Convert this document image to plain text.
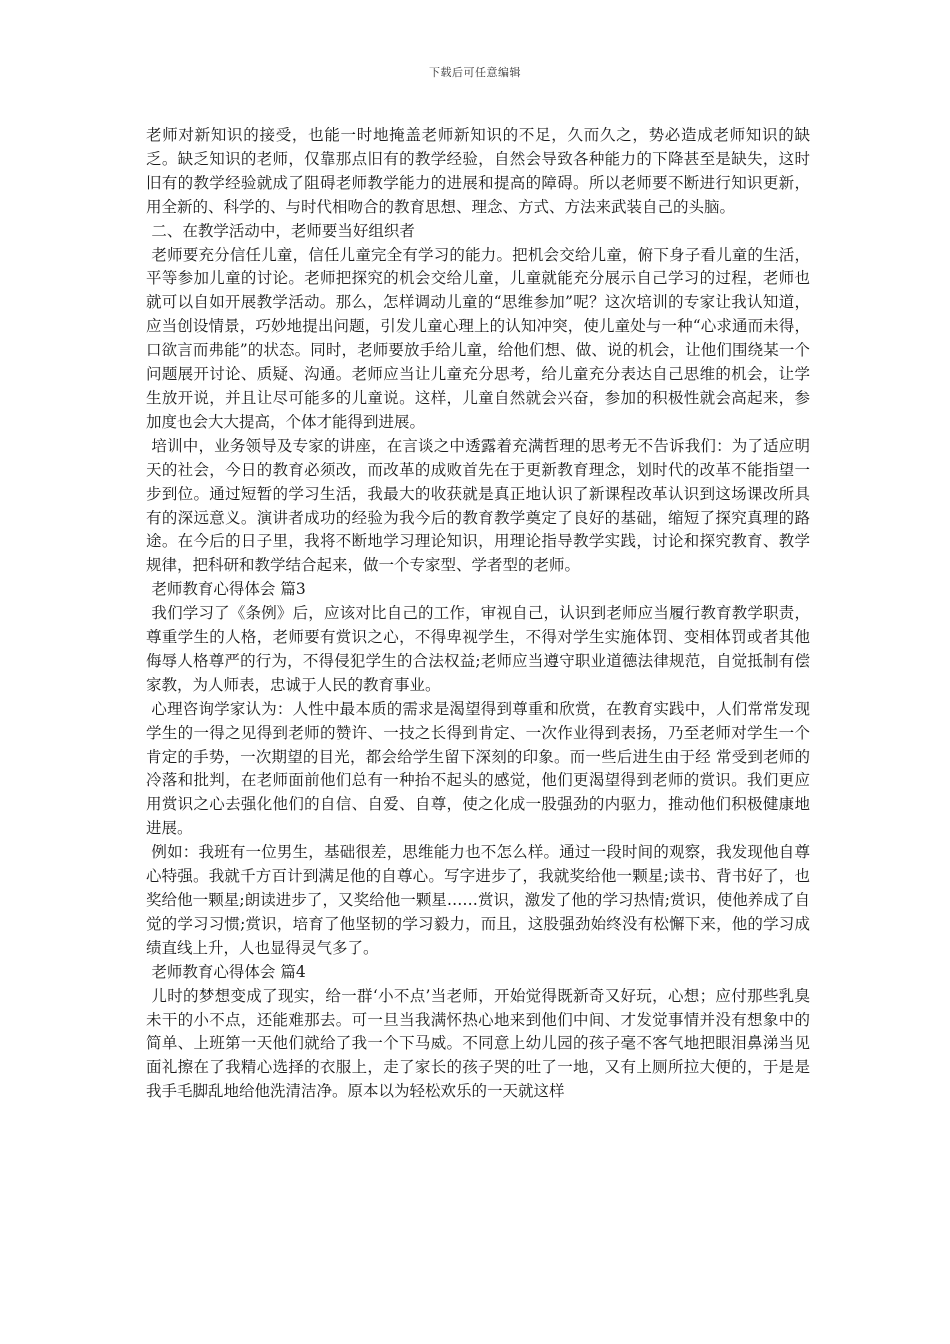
下载后可任意编辑

老师对新知识的接受，也能一时地掩盖老师新知识的不足，久而久之，势必造成老师知识的缺乏。缺乏知识的老师，仅靠那点旧有的教学经验，自然会导致各种能力的下降甚至是缺失，这时旧有的教学经验就成了阻碍老师教学能力的进展和提高的障碍。所以老师要不断进行知识更新，用全新的、科学的、与时代相吻合的教育思想、理念、方式、方法来武装自己的头脑。

二、在教学活动中，老师要当好组织者

老师要充分信任儿童，信任儿童完全有学习的能力。把机会交给儿童，俯下身子看儿童的生活，平等参加儿童的讨论。老师把探究的机会交给儿童，儿童就能充分展示自己学习的过程，老师也就可以自如开展教学活动。那么，怎样调动儿童的“思维参加”呢？这次培训的专家让我认知道，应当创设情景，巧妙地提出问题，引发儿童心理上的认知冲突，使儿童处与一种“心求通而未得，口欲言而弗能”的状态。同时，老师要放手给儿童，给他们想、做、说的机会，让他们围绕某一个问题展开讨论、质疑、沟通。老师应当让儿童充分思考，给儿童充分表达自己思维的机会，让学生放开说，并且让尽可能多的儿童说。这样，儿童自然就会兴奋，参加的积极性就会高起来，参加度也会大大提高，个体才能得到进展。

培训中，业务领导及专家的讲座，在言谈之中透露着充满哲理的思考无不告诉我们：为了适应明天的社会，今日的教育必须改，而改革的成败首先在于更新教育理念，划时代的改革不能指望一步到位。通过短暂的学习生活，我最大的收获就是真正地认识了新课程改革认识到这场课改所具有的深远意义。演讲者成功的经验为我今后的教育教学奠定了良好的基础，缩短了探究真理的路途。在今后的日子里，我将不断地学习理论知识，用理论指导教学实践，讨论和探究教育、教学规律，把科研和教学结合起来，做一个专家型、学者型的老师。

老师教育心得体会 篇3

我们学习了《条例》后，应该对比自己的工作，审视自己，认识到老师应当履行教育教学职责，尊重学生的人格，老师要有赏识之心，不得卑视学生，不得对学生实施体罚、变相体罚或者其他侮辱人格尊严的行为，不得侵犯学生的合法权益;老师应当遵守职业道德法律规范，自觉抵制有偿家教，为人师表，忠诚于人民的教育事业。

心理咨询学家认为：人性中最本质的需求是渴望得到尊重和欣赏，在教育实践中，人们常常发现学生的一得之见得到老师的赞许、一技之长得到肯定、一次作业得到表扬，乃至老师对学生一个肯定的手势，一次期望的目光，都会给学生留下深刻的印象。而一些后进生由于经 常受到老师的冷落和批判，在老师面前他们总有一种抬不起头的感觉，他们更渴望得到老师的赏识。我们更应用赏识之心去强化他们的自信、自爱、自尊，使之化成一股强劲的内驱力，推动他们积极健康地进展。

例如：我班有一位男生，基础很差，思维能力也不怎么样。通过一段时间的观察，我发现他自尊心特强。我就千方百计到满足他的自尊心。写字进步了，我就奖给他一颗星;读书、背书好了，也奖给他一颗星;朗读进步了，又奖给他一颗星……赏识，激发了他的学习热情;赏识，使他养成了自觉的学习习惯;赏识，培育了他坚韧的学习毅力，而且，这股强劲始终没有松懈下来，他的学习成绩直线上升，人也显得灵气多了。

老师教育心得体会 篇4

儿时的梦想变成了现实，给一群‘小不点’当老师，开始觉得既新奇又好玩，心想；应付那些乳臭未干的小不点，还能难那去。可一旦当我满怀热心地来到他们中间、才发觉事情并没有想象中的简单、上班第一天他们就给了我一个下马威。不同意上幼儿园的孩子毫不客气地把眼泪鼻涕当见面礼擦在了我精心选择的衣服上，走了家长的孩子哭的吐了一地，又有上厕所拉大便的，于是是我手毛脚乱地给他洗清洁净。原本以为轻松欢乐的一天就这样
